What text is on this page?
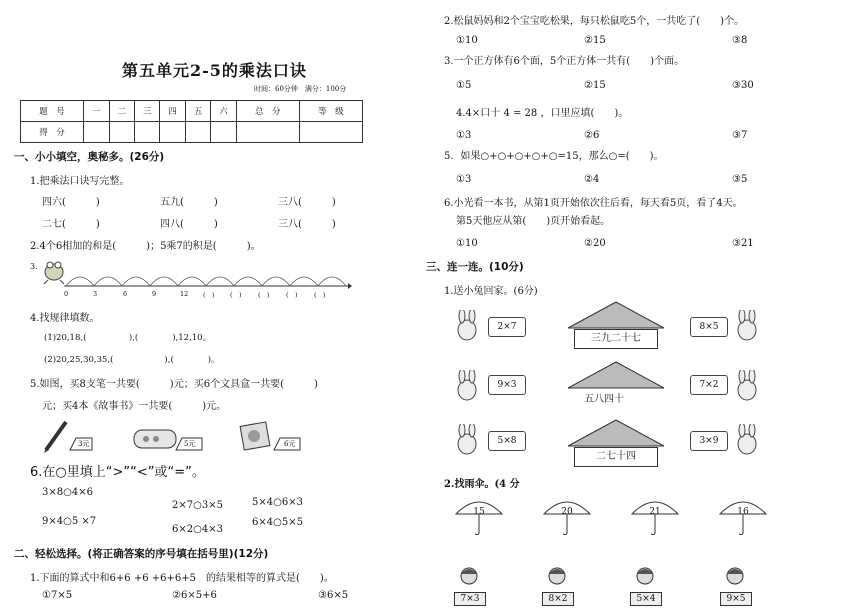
第五单元2-5的乘法口诀
时间：60分钟　满分：100分
题　号	一	二	三	四	五	六	总　分	等　级
得　分								
一、小小填空，奥秘多。(26分)
1.把乘法口诀写完整。
四六(　　　)	五九(　　　)	三八(　　　)
二七(　　　)	四八(　　　)	三八(　　　)
2.4个6相加的和是(　　　)；5乘7的积是(　　　)。
3.
0	3	6	9	12 (　) (　)	(　)	(　)	(　)
4.找规律填数。
(1)20,18,(　　　　　),(　　　　),12,10。
(2)20,25,30,35,(　　　　　　),(　　　　)。
5.如图，买8支笔一共要(　　　)元；买6个文具盒一共要(　　　)
元；买4本《故事书》一共要(　　　)元。
3元	5元	6元
6.在○里填上“>”“<”或“=”。
3×8○4×6
2×7○3×5	5×4○6×3
9×4○5 ×7
6×2○4×3
6×4○5×5
二、轻松选择。(将正确答案的序号填在括号里)(12分)
1.下面的算式中和6+6 +6 +6+6+5　的结果相等的算式是(　　)。
①7×5	②6×5+6	③6×5
2.松鼠妈妈和2个宝宝吃松果，每只松鼠吃5个，一共吃了(　　)个。
①10	②15	③8
3.一个正方体有6个面，5个正方体一共有(　　)个面。
①5	②15	③30
4.4×口十 4 = 28 ，口里应填(　　)。
①3	②6	③7
5．如果○+○+○+○+○=15，那么○=(　　)。
①3	②4	③5
6.小光看一本书，从第1页开始依次往后看，每天看5页，看了4天。
第5天他应从第(　　)页开始看起。
①10	②20	③21
三、连一连。(10分)
1.送小兔回家。(6分)
2×7
9×3
5×8
三九二十七
五八四十
二七十四
8×5
7×2
3×9
2.找雨伞。(4 分
15	20	21	16
7×3	8×2	5×4	9×5
